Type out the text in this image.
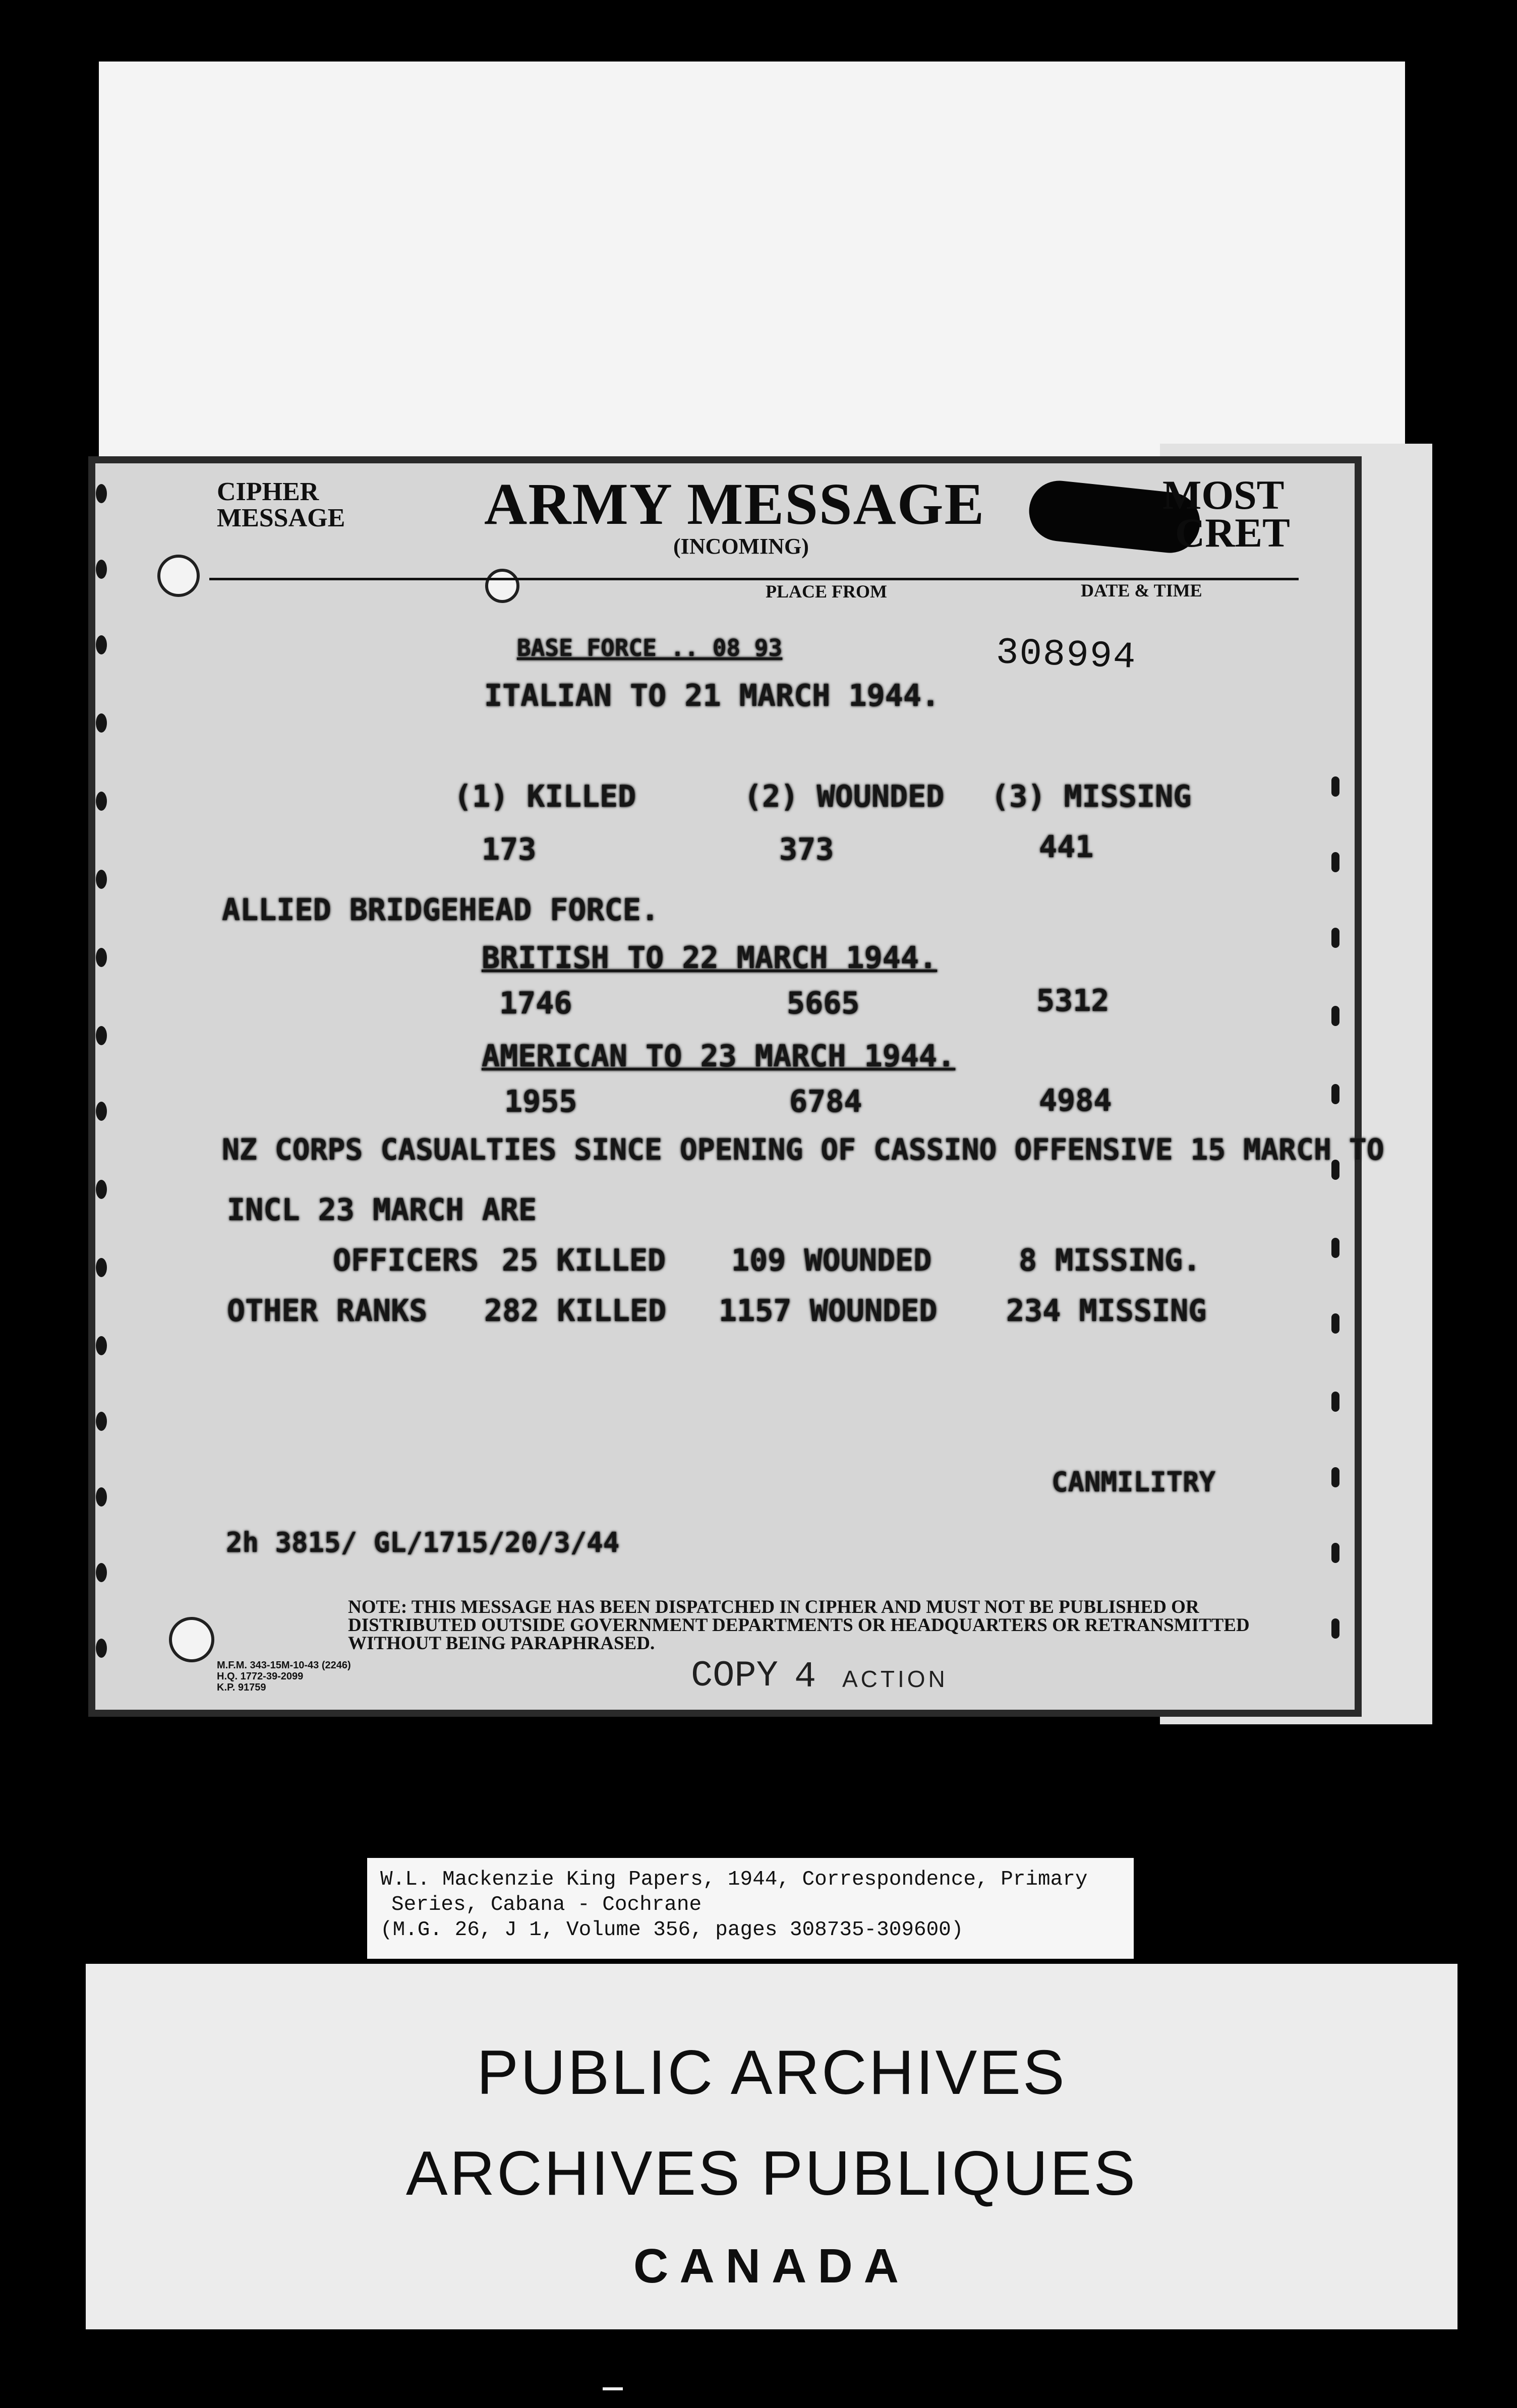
CIPHER
MESSAGE ARMY MESSAGE
(INCOMING)
MOST
CRET
PLACE FROM	DATE & TIME
308994
BASE FORCE .. 08 93
ITALIAN TO 21 MARCH 1944.
(1) KILLED	(2) WOUNDED (3) MISSING
173	373	441
ALLIED BRIDGEHEAD FORCE.
BRITISH TO 22 MARCH 1944.
1746	5665	5312
AMERICAN TO 23 MARCH 1944.
1955	6784	4984
NZ CORPS CASUALTIES SINCE OPENING OF CASSINO OFFENSIVE 15 MARCH TO
INCL 23 MARCH ARE
OFFICERS 25 KILLED 109 WOUNDED	8 MISSING.
OTHER RANKS 282 KILLED 1157 WOUNDED 234 MISSING
CANMILITRY
2h 3815/ GL/1715/20/3/44
NOTE: THIS MESSAGE HAS BEEN DISPATCHED IN CIPHER AND MUST NOT BE PUBLISHED OR DISTRIBUTED OUTSIDE GOVERNMENT DEPARTMENTS OR HEADQUARTERS OR RETRANSMITTED WITHOUT BEING PARAPHRASED.
M.F.M. 343-15M-10-43 (2246)
H.Q. 1772-39-2099
K.P. 91759	COPY 4 ACTION
W.L. Mackenzie King Papers, 1944, Correspondence, Primary
Series, Cabana - Cochrane
(M.G. 26, J 1, Volume 356, pages 308735-309600)
PUBLIC ARCHIVES
ARCHIVES PUBLIQUES
CANADA
